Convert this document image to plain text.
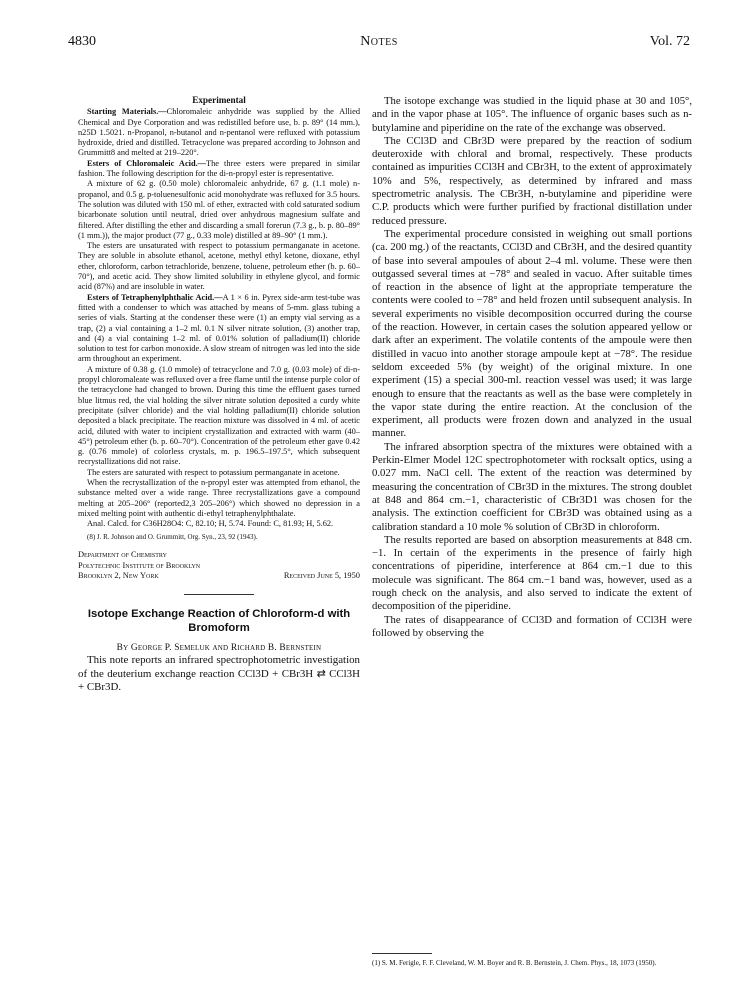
4830	Notes	Vol. 72
Experimental

Starting Materials.—Chloromaleic anhydride was supplied by the Allied Chemical and Dye Corporation and was redistilled before use, b. p. 89° (14 mm.), n25D 1.5021. n-Propanol, n-butanol and n-pentanol were refluxed with potassium hydroxide, dried and distilled. Tetracyclone was prepared according to Johnson and Grummitt8 and melted at 219–220°.

Esters of Chloromaleic Acid.—The three esters were prepared in similar fashion. The following description for the di-n-propyl ester is representative.

A mixture of 62 g. (0.50 mole) chloromaleic anhydride, 67 g. (1.1 mole) n-propanol, and 0.5 g. p-toluenesulfonic acid monohydrate was refluxed for 3.5 hours. The solution was diluted with 150 ml. of ether, extracted with cold saturated sodium bicarbonate solution until neutral, dried over anhydrous magnesium sulfate and filtered. After distilling the ether and discarding a small forerun (7.3 g., b. p. 80–89° (1 mm.)), the major product (77 g., 0.33 mole) distilled at 89–90° (1 mm.).

The esters are unsaturated with respect to potassium permanganate in acetone. They are soluble in absolute ethanol, acetone, methyl ethyl ketone, dioxane, ethyl ether, chloroform, carbon tetrachloride, benzene, toluene, petroleum ether (b. p. 60–70°), and acetic acid. They show limited solubility in ethylene glycol, and formic acid (87%) and are insoluble in water.

Esters of Tetraphenylphthalic Acid.—A 1 × 6 in. Pyrex side-arm test-tube was fitted with a condenser to which was attached by means of 5-mm. glass tubing a series of vials. Starting at the condenser these were (1) an empty vial serving as a trap, (2) a vial containing a 1–2 ml. 0.1 N silver nitrate solution, (3) another trap, and (4) a vial containing 1–2 ml. of 0.01% solution of palladium(II) chloride solution to test for carbon monoxide. A slow stream of nitrogen was led into the side arm throughout an experiment.

A mixture of 0.38 g. (1.0 mmole) of tetracyclone and 7.0 g. (0.03 mole) of di-n-propyl chloromaleate was refluxed over a free flame until the intense purple color of the tetracyclone had changed to brown. During this time the effluent gases turned blue litmus red, the vial holding the silver nitrate solution deposited a curdy white precipitate (silver chloride) and the vial holding palladium(II) chloride solution deposited a black precipitate. The reaction mixture was dissolved in 4 ml. of acetic acid, diluted with water to incipient crystallization and extracted with warm (40–45°) petroleum ether (b. p. 60–70°). Concentration of the petroleum ether gave 0.42 g. (0.76 mmole) of colorless crystals, m. p. 196.5–197.5°, which subsequent recrystallizations did not raise.

The esters are saturated with respect to potassium permanganate in acetone.

When the recrystallization of the n-propyl ester was attempted from ethanol, the substance melted over a wide range. Three recrystallizations gave a compound melting at 205–206° (reported2,3 205–206°) which showed no depression in a mixed melting point with authentic di-ethyl tetraphenylphthalate.

Anal. Calcd. for C36H28O4: C, 82.10; H, 5.74. Found: C, 81.93; H, 5.62.

(8) J. R. Johnson and O. Grummitt, Org. Syn., 23, 92 (1943).
Department of Chemistry
Polytechnic Institute of Brooklyn
Brooklyn 2, New York	Received June 5, 1950
Isotope Exchange Reaction of Chloroform-d with
Bromoform
By George P. Semeluk and Richard B. Bernstein

This note reports an infrared spectrophotometric investigation of the deuterium exchange reaction CCl3D + CBr3H ⇄ CCl3H + CBr3D.

The isotope exchange was studied in the liquid phase at 30 and 105°, and in the vapor phase at 105°. The influence of organic bases such as n-butylamine and piperidine on the rate of the exchange was observed.

The CCl3D and CBr3D were prepared by the reaction of sodium deuteroxide with chloral and bromal, respectively. These products contained as impurities CCl3H and CBr3H, to the extent of approximately 10% and 5%, respectively, as determined by infrared and mass spectrometric analysis. The CBr3H, n-butylamine and piperidine were C.P. products which were further purified by fractional distillation under reduced pressure.

The experimental procedure consisted in weighing out small portions (ca. 200 mg.) of the reactants, CCl3D and CBr3H, and the desired quantity of base into several ampoules of about 2–4 ml. volume. These were then outgassed several times at −78° and sealed in vacuo. After suitable times of reaction in the absence of light at the appropriate temperature the contents were cooled to −78° and held frozen until subsequent analysis. In several experiments no visible decomposition occurred during the course of the reaction. However, in certain cases the solution appeared yellow or dark after an experiment. The volatile contents of the ampoule were then distilled in vacuo into another storage ampoule kept at −78°. The residue seldom exceeded 5% (by weight) of the original mixture. In one experiment (15) a special 300-ml. reaction vessel was used; it was large enough to ensure that the reactants as well as the base were completely in the vapor state during the entire reaction. At the conclusion of the experiment, all products were frozen down and analyzed in the usual manner.

The infrared absorption spectra of the mixtures were obtained with a Perkin-Elmer Model 12C spectrophotometer with rocksalt optics, using a 0.027 mm. NaCl cell. The extent of the reaction was determined by measuring the concentration of CBr3D in the mixtures. The strong doublet at 848 and 864 cm.−1, characteristic of CBr3D1 was chosen for the analysis. The extinction coefficient for CBr3D was obtained using as a calibration standard a 10 mole % solution of CBr3D in chloroform.

The results reported are based on absorption measurements at 848 cm.−1. In certain of the experiments in the presence of fairly high concentrations of piperidine, interference at 864 cm.−1 due to this molecule was significant. The 864 cm.−1 band was, however, used as a rough check on the analysis, and also served to indicate the extent of decomposition of the piperidine.

The rates of disappearance of CCl3D and formation of CCl3H were followed by observing the

(1) S. M. Ferigle, F. F. Cleveland, W. M. Boyer and R. B. Bernstein, J. Chem. Phys., 18, 1073 (1950).
